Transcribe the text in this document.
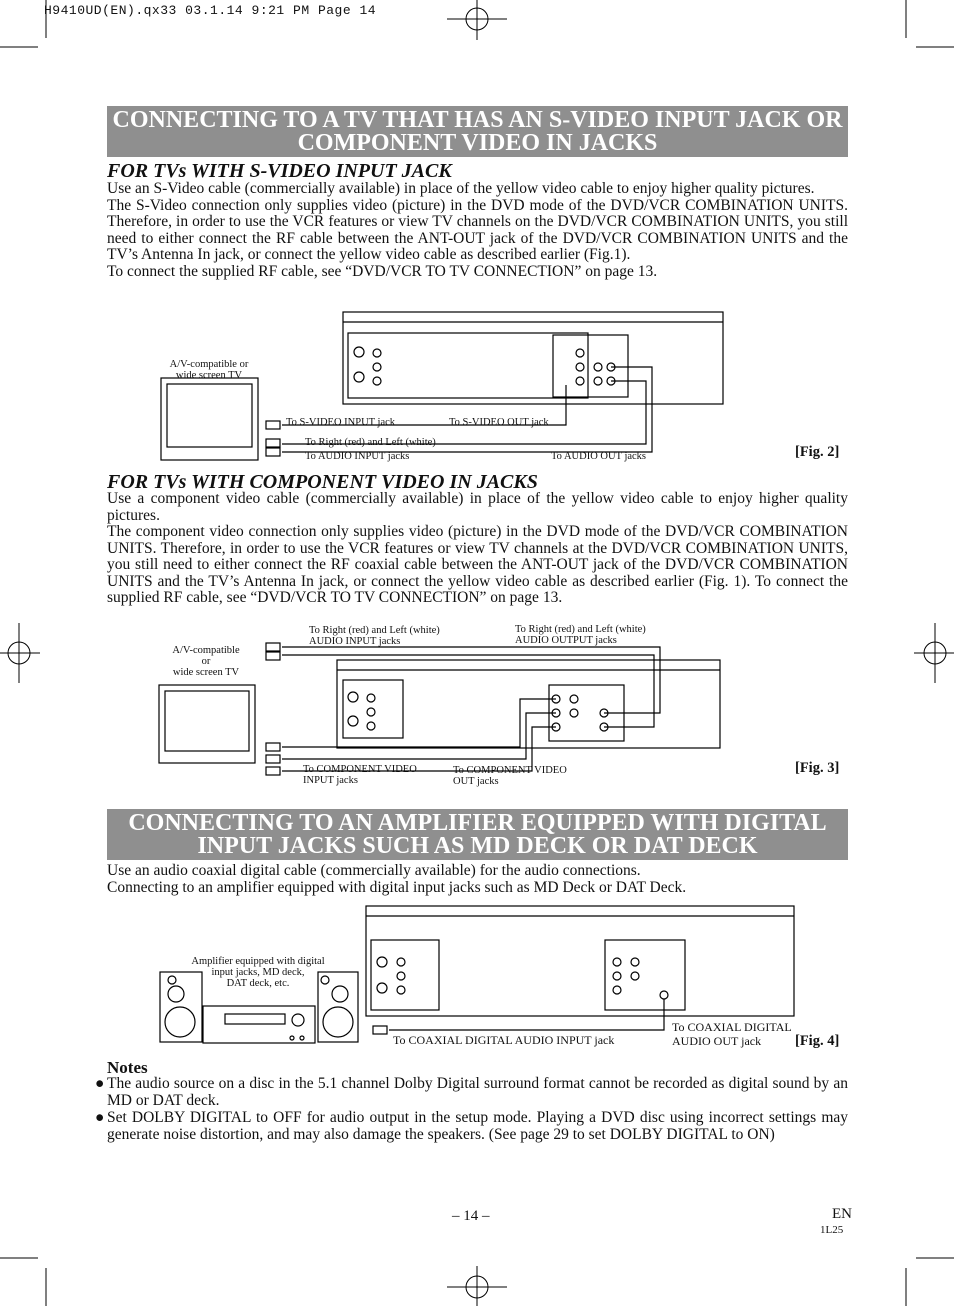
H9410UD(EN).qx33 03.1.14 9:21 PM Page 14
CONNECTING TO A TV THAT HAS AN S-VIDEO INPUT JACK OR
COMPONENT VIDEO IN JACKS
FOR TVs WITH S-VIDEO INPUT JACK

Use an S-Video cable (commercially available) in place of the yellow video cable to enjoy higher quality pictures.

The S-Video connection only supplies video (picture) in the DVD mode of the DVD/VCR COMBINATION UNITS. Therefore, in order to use the VCR features or view TV channels on the DVD/VCR COMBINATION UNITS, you still need to either connect the RF cable between the ANT-OUT jack of the DVD/VCR COMBINATION UNITS and the TV’s Antenna In jack, or connect the yellow video cable as described earlier (Fig.1).

To connect the supplied RF cable, see “DVD/VCR TO TV CONNECTION” on page 13.

A/V-compatible or
wide screen TV
To S-VIDEO INPUT jack	To S-VIDEO OUT jack
To Right (red) and Left (white)
To AUDIO INPUT jacks	To AUDIO OUT jacks	[Fig. 2]
FOR TVs WITH COMPONENT VIDEO IN JACKS

Use a component video cable (commercially available) in place of the yellow video cable to enjoy higher quality pictures.

The component video connection only supplies video (picture) in the DVD mode of the DVD/VCR COMBINATION UNITS. Therefore, in order to use the VCR features or view TV channels at the DVD/VCR COMBINATION UNITS, you still need to either connect the RF coaxial cable between the ANT-OUT jack of the DVD/VCR COMBINATION UNITS and the TV’s Antenna In jack, or connect the yellow video cable as described earlier (Fig. 1). To connect the supplied RF cable, see “DVD/VCR TO TV CONNECTION” on page 13.

A/V-compatible
or
wide screen TV
To Right (red) and Left (white)
AUDIO INPUT jacks
To Right (red) and Left (white)
AUDIO OUTPUT jacks
To COMPONENT VIDEO
INPUT jacks
To COMPONENT VIDEO
OUT jacks
[Fig. 3]
CONNECTING TO AN AMPLIFIER EQUIPPED WITH DIGITAL
INPUT JACKS SUCH AS MD DECK OR DAT DECK

Use an audio coaxial digital cable (commercially available) for the audio connections.

Connecting to an amplifier equipped with digital input jacks such as MD Deck or DAT Deck.

Amplifier equipped with digital
input jacks, MD deck,
DAT deck, etc.
To COAXIAL DIGITAL AUDIO INPUT jack
To COAXIAL DIGITAL
AUDIO OUT jack	[Fig. 4]
Notes
● The audio source on a disc in the 5.1 channel Dolby Digital surround format cannot be recorded as digital sound by an MD or DAT deck.
● Set DOLBY DIGITAL to OFF for audio output in the setup mode. Playing a DVD disc using incorrect settings may generate noise distortion, and may also damage the speakers. (See page 29 to set DOLBY DIGITAL to ON)
– 14 –	EN
1L25
